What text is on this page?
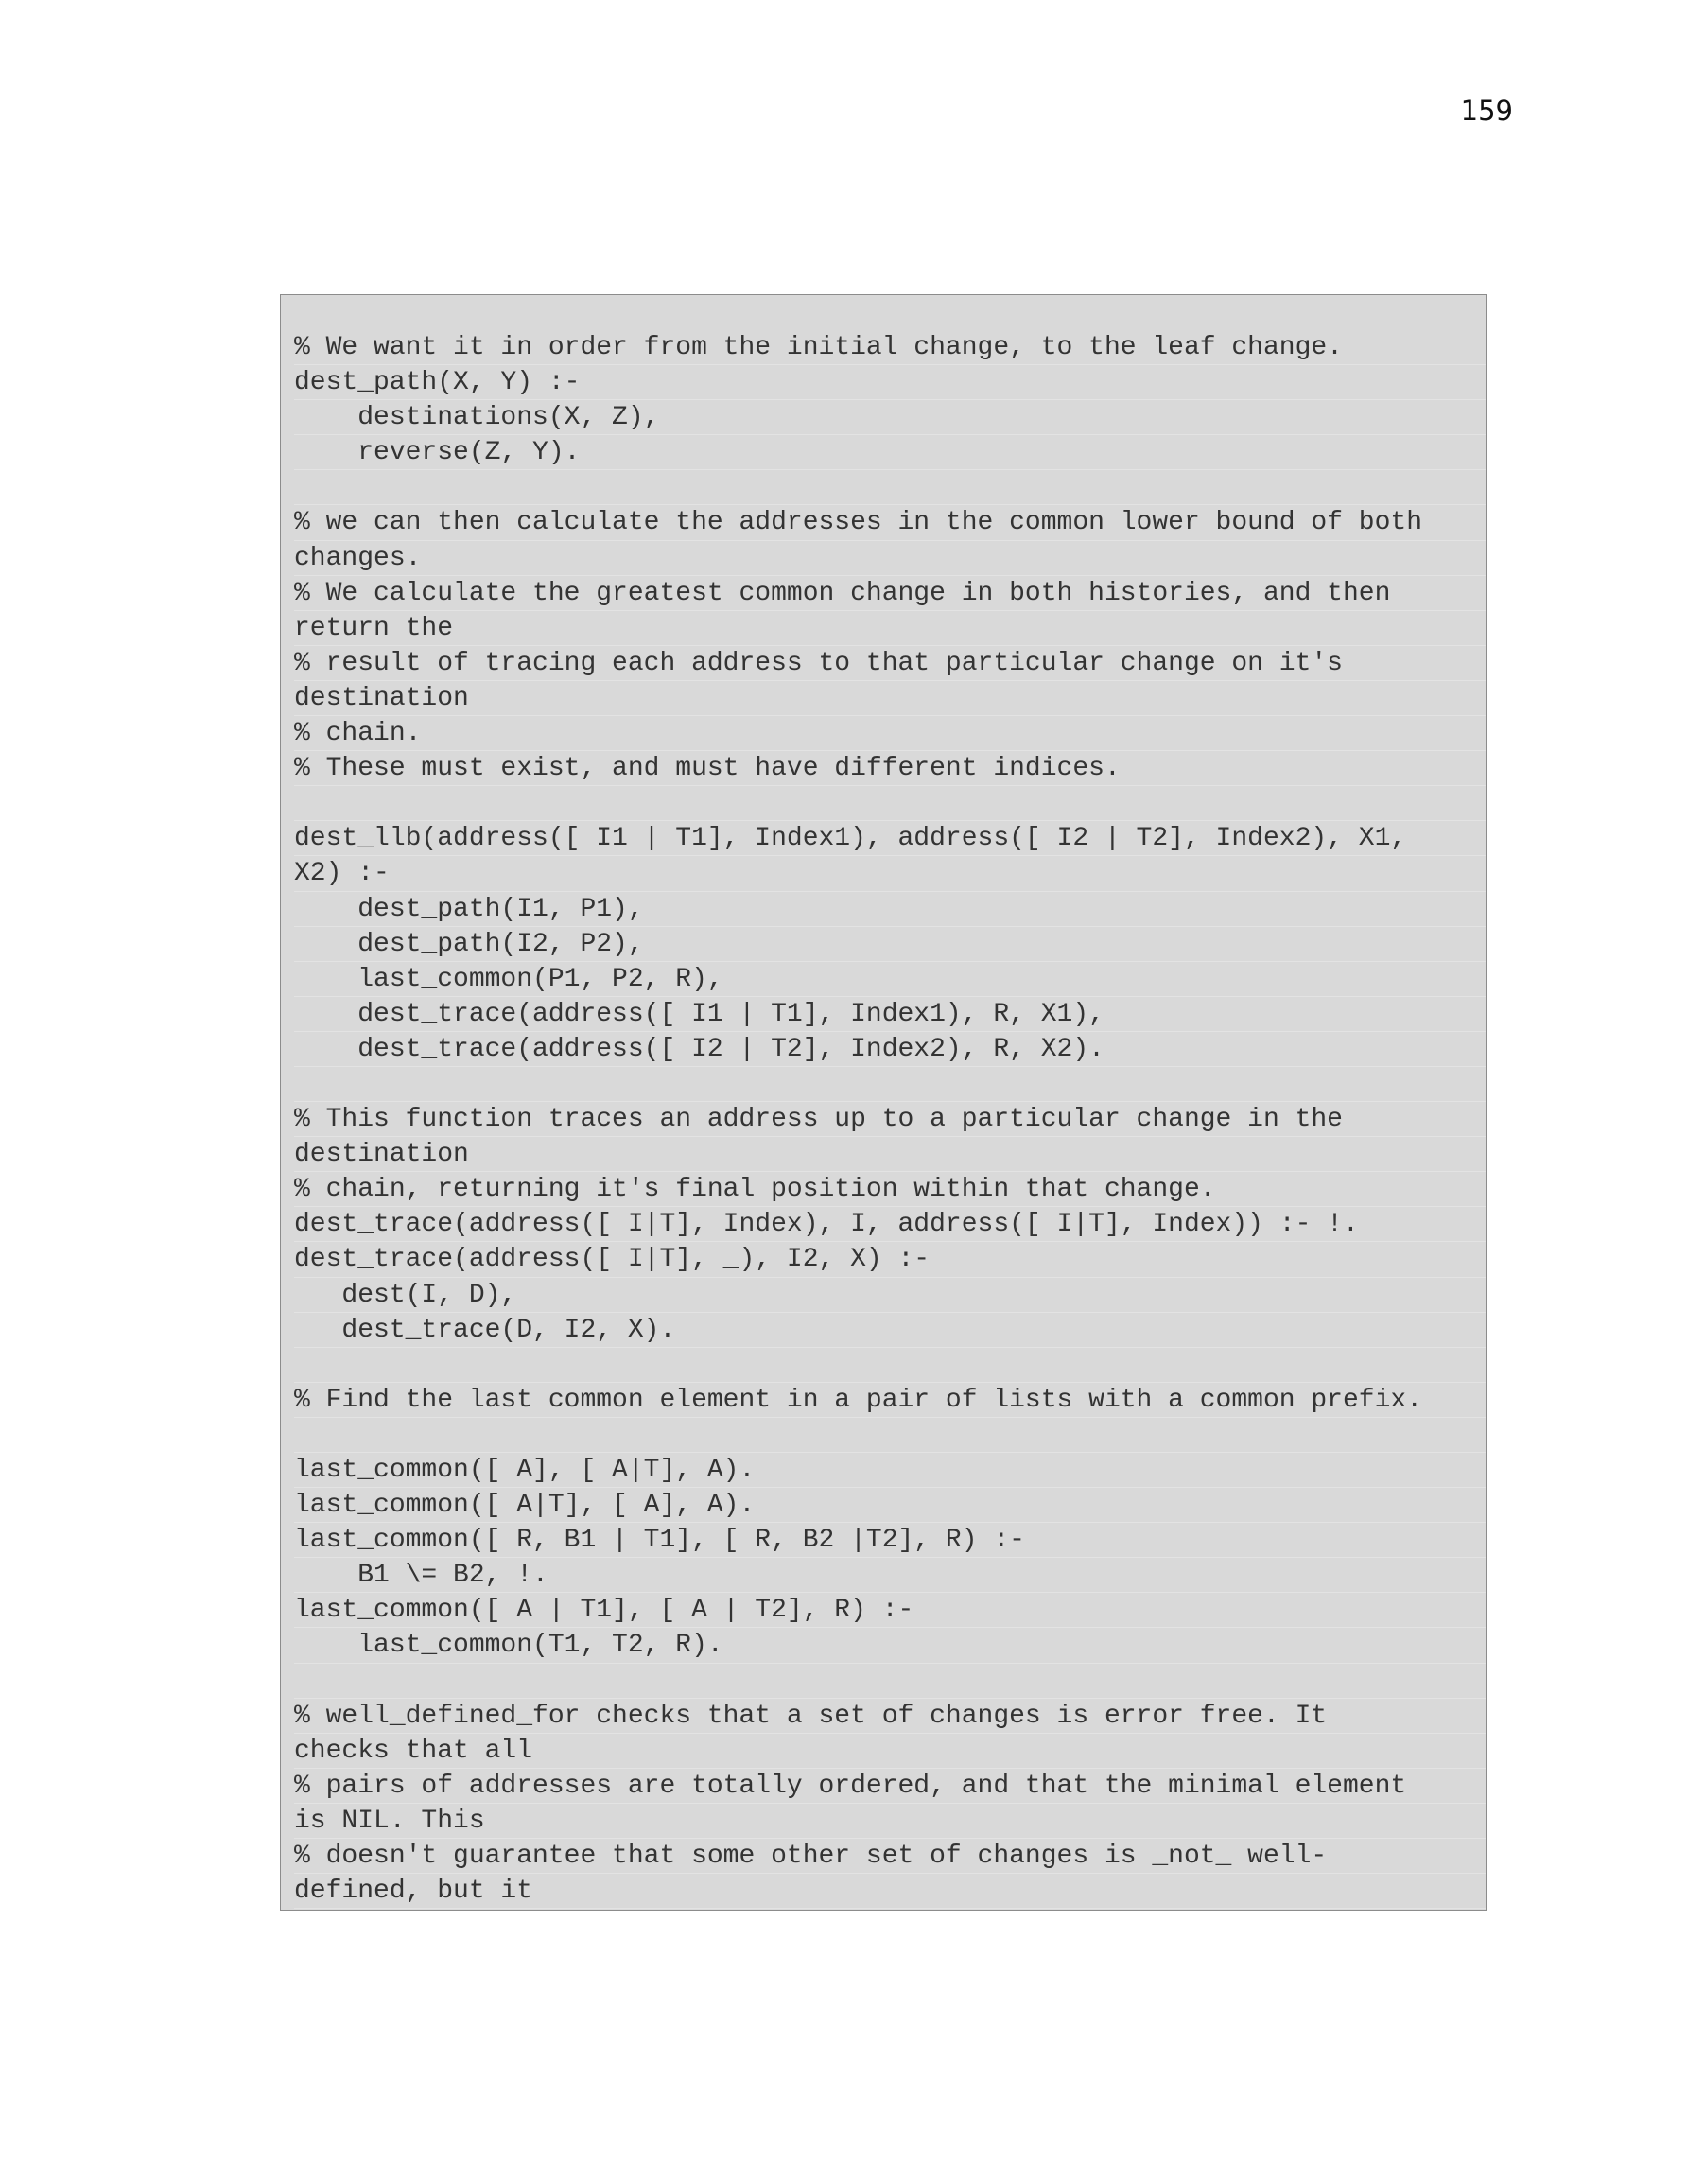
159
% We want it in order from the initial change, to the leaf change.
dest_path(X, Y) :-
destinations(X, Z),
reverse(Z, Y).
% we can then calculate the addresses in the common lower bound of both
changes.
% We calculate the greatest common change in both histories, and then
return the
% result of tracing each address to that particular change on it's
destination
% chain.
% These must exist, and must have different indices.
dest_llb(address([ I1 | T1], Index1), address([ I2 | T2], Index2), X1,
X2) :-
dest_path(I1, P1),
dest_path(I2, P2),
last_common(P1, P2, R),
dest_trace(address([ I1 | T1], Index1), R, X1),
dest_trace(address([ I2 | T2], Index2), R, X2).
% This function traces an address up to a particular change in the
destination
% chain, returning it's final position within that change.
dest_trace(address([ I|T], Index), I, address([ I|T], Index)) :- !.
dest_trace(address([ I|T], _), I2, X) :-
dest(I, D),
dest_trace(D, I2, X).
% Find the last common element in a pair of lists with a common prefix.
last_common([ A], [ A|T], A).
last_common([ A|T], [ A], A).
last_common([ R, B1 | T1], [ R, B2 |T2], R) :-
B1 \= B2, !.
last_common([ A | T1], [ A | T2], R) :-
last_common(T1, T2, R).
% well_defined_for checks that a set of changes is error free. It
checks that all
% pairs of addresses are totally ordered, and that the minimal element
is NIL. This
% doesn't guarantee that some other set of changes is _not_ well-
defined, but it
